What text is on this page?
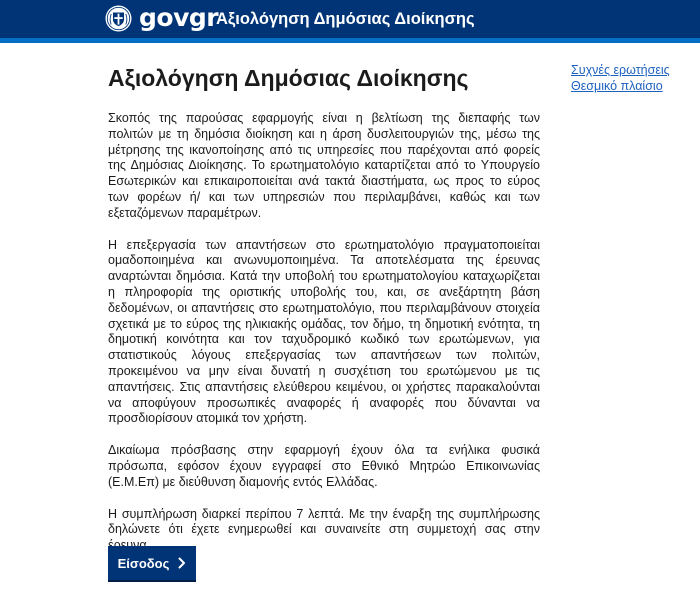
govgr
Αξιολόγηση Δημόσιας Διοίκησης
Αξιολόγηση Δημόσιας Διοίκησης	Συχνές ερωτήσεις
Θεσμικό πλαίσιο

Σκοπός της παρούσας εφαρμογής είναι η βελτίωση της διεπαφής των πολιτών με τη δημόσια διοίκηση και η άρση δυσλειτουργιών της, μέσω της μέτρησης της ικανοποίησης από τις υπηρεσίες που παρέχονται από φορείς της Δημόσιας Διοίκησης. Το ερωτηματολόγιο καταρτίζεται από το Υπουργείο Εσωτερικών και επικαιροποιείται ανά τακτά διαστήματα, ως προς το εύρος των φορέων ή/ και των υπηρεσιών που περιλαμβάνει, καθώς και των εξεταζόμενων παραμέτρων.

Η επεξεργασία των απαντήσεων στο ερωτηματολόγιο πραγματοποιείται ομαδοποιημένα και ανωνυμοποιημένα. Τα αποτελέσματα της έρευνας αναρτώνται δημόσια. Κατά την υποβολή του ερωτηματολογίου καταχωρίζεται η πληροφορία της οριστικής υποβολής του, και, σε ανεξάρτητη βάση δεδομένων, οι απαντήσεις στο ερωτηματολόγιο, που περιλαμβάνουν στοιχεία σχετικά με το εύρος της ηλικιακής ομάδας, τον δήμο, τη δημοτική ενότητα, τη δημοτική κοινότητα και τον ταχυδρομικό κωδικό των ερωτώμενων, για στατιστικούς λόγους επεξεργασίας των απαντήσεων των πολιτών, προκειμένου να μην είναι δυνατή η συσχέτιση του ερωτώμενου με τις απαντήσεις. Στις απαντήσεις ελεύθερου κειμένου, οι χρήστες παρακαλούνται να αποφύγουν προσωπικές αναφορές ή αναφορές που δύνανται να προσδιορίσουν ατομικά τον χρήστη.

Δικαίωμα πρόσβασης στην εφαρμογή έχουν όλα τα ενήλικα φυσικά πρόσωπα, εφόσον έχουν εγγραφεί στο Εθνικό Μητρώο Επικοινωνίας (Ε.Μ.Επ) με διεύθυνση διαμονής εντός Ελλάδας.

Η συμπλήρωση διαρκεί περίπου 7 λεπτά. Με την έναρξη της συμπλήρωσης δηλώνετε ότι έχετε ενημερωθεί και συναινείτε στη συμμετοχή σας στην

Είσοδος
